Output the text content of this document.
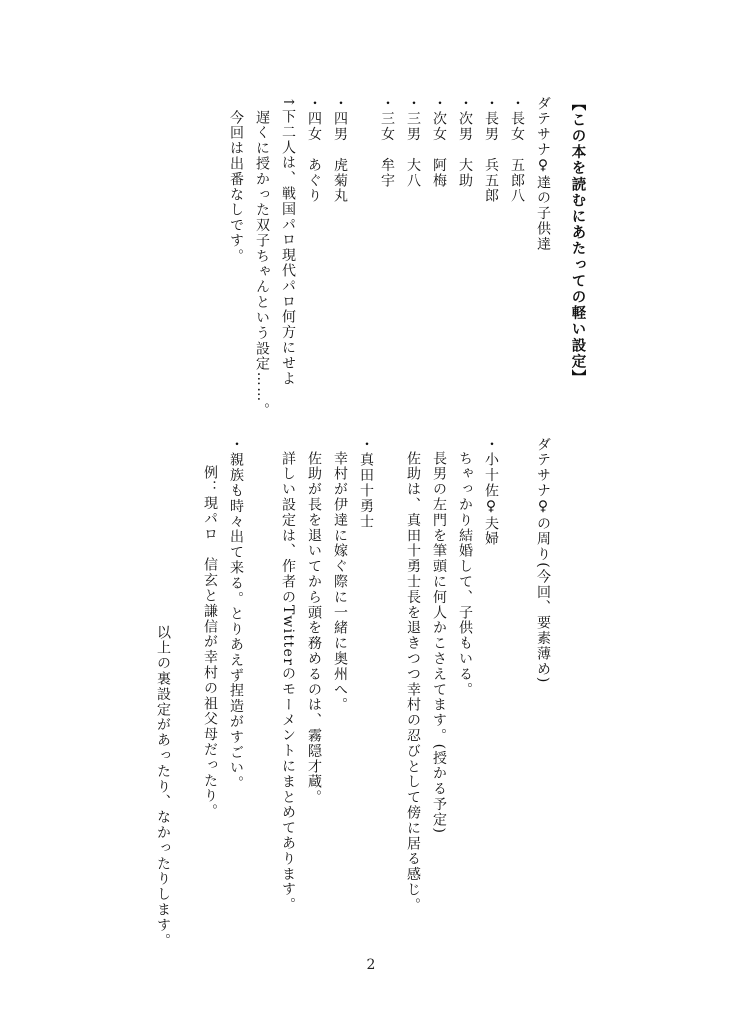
【この本を読むにあたっての軽い設定】
ダテサナ♀達の子供達
・長女　五郎八
・長男　兵五郎
・次男　大助
・次女　阿梅
・三男　大八
・三女　牟宇
・四男　虎菊丸
・四女　あぐり
↑下二人は、戦国パロ現代パロ何方にせよ
遅くに授かった双子ちゃんという設定……。
今回は出番なしです。
ダテサナ♀の周り(今回、要素薄め)
・小十佐♀夫婦
ちゃっかり結婚して、子供もいる。
長男の左門を筆頭に何人かこさえてます。(授かる予定)
佐助は、真田十勇士長を退きつつ幸村の忍びとして傍に居る感じ。
・真田十勇士
幸村が伊達に嫁ぐ際に一緒に奥州へ。
佐助が長を退いてから頭を務めるのは、霧隠才蔵。
詳しい設定は、作者のTwitterのモーメントにまとめてあります。
・親族も時々出て来る。とりあえず捏造がすごい。
例：現パロ　信玄と謙信が幸村の祖父母だったり。
以上の裏設定があったり、なかったりします。
2
